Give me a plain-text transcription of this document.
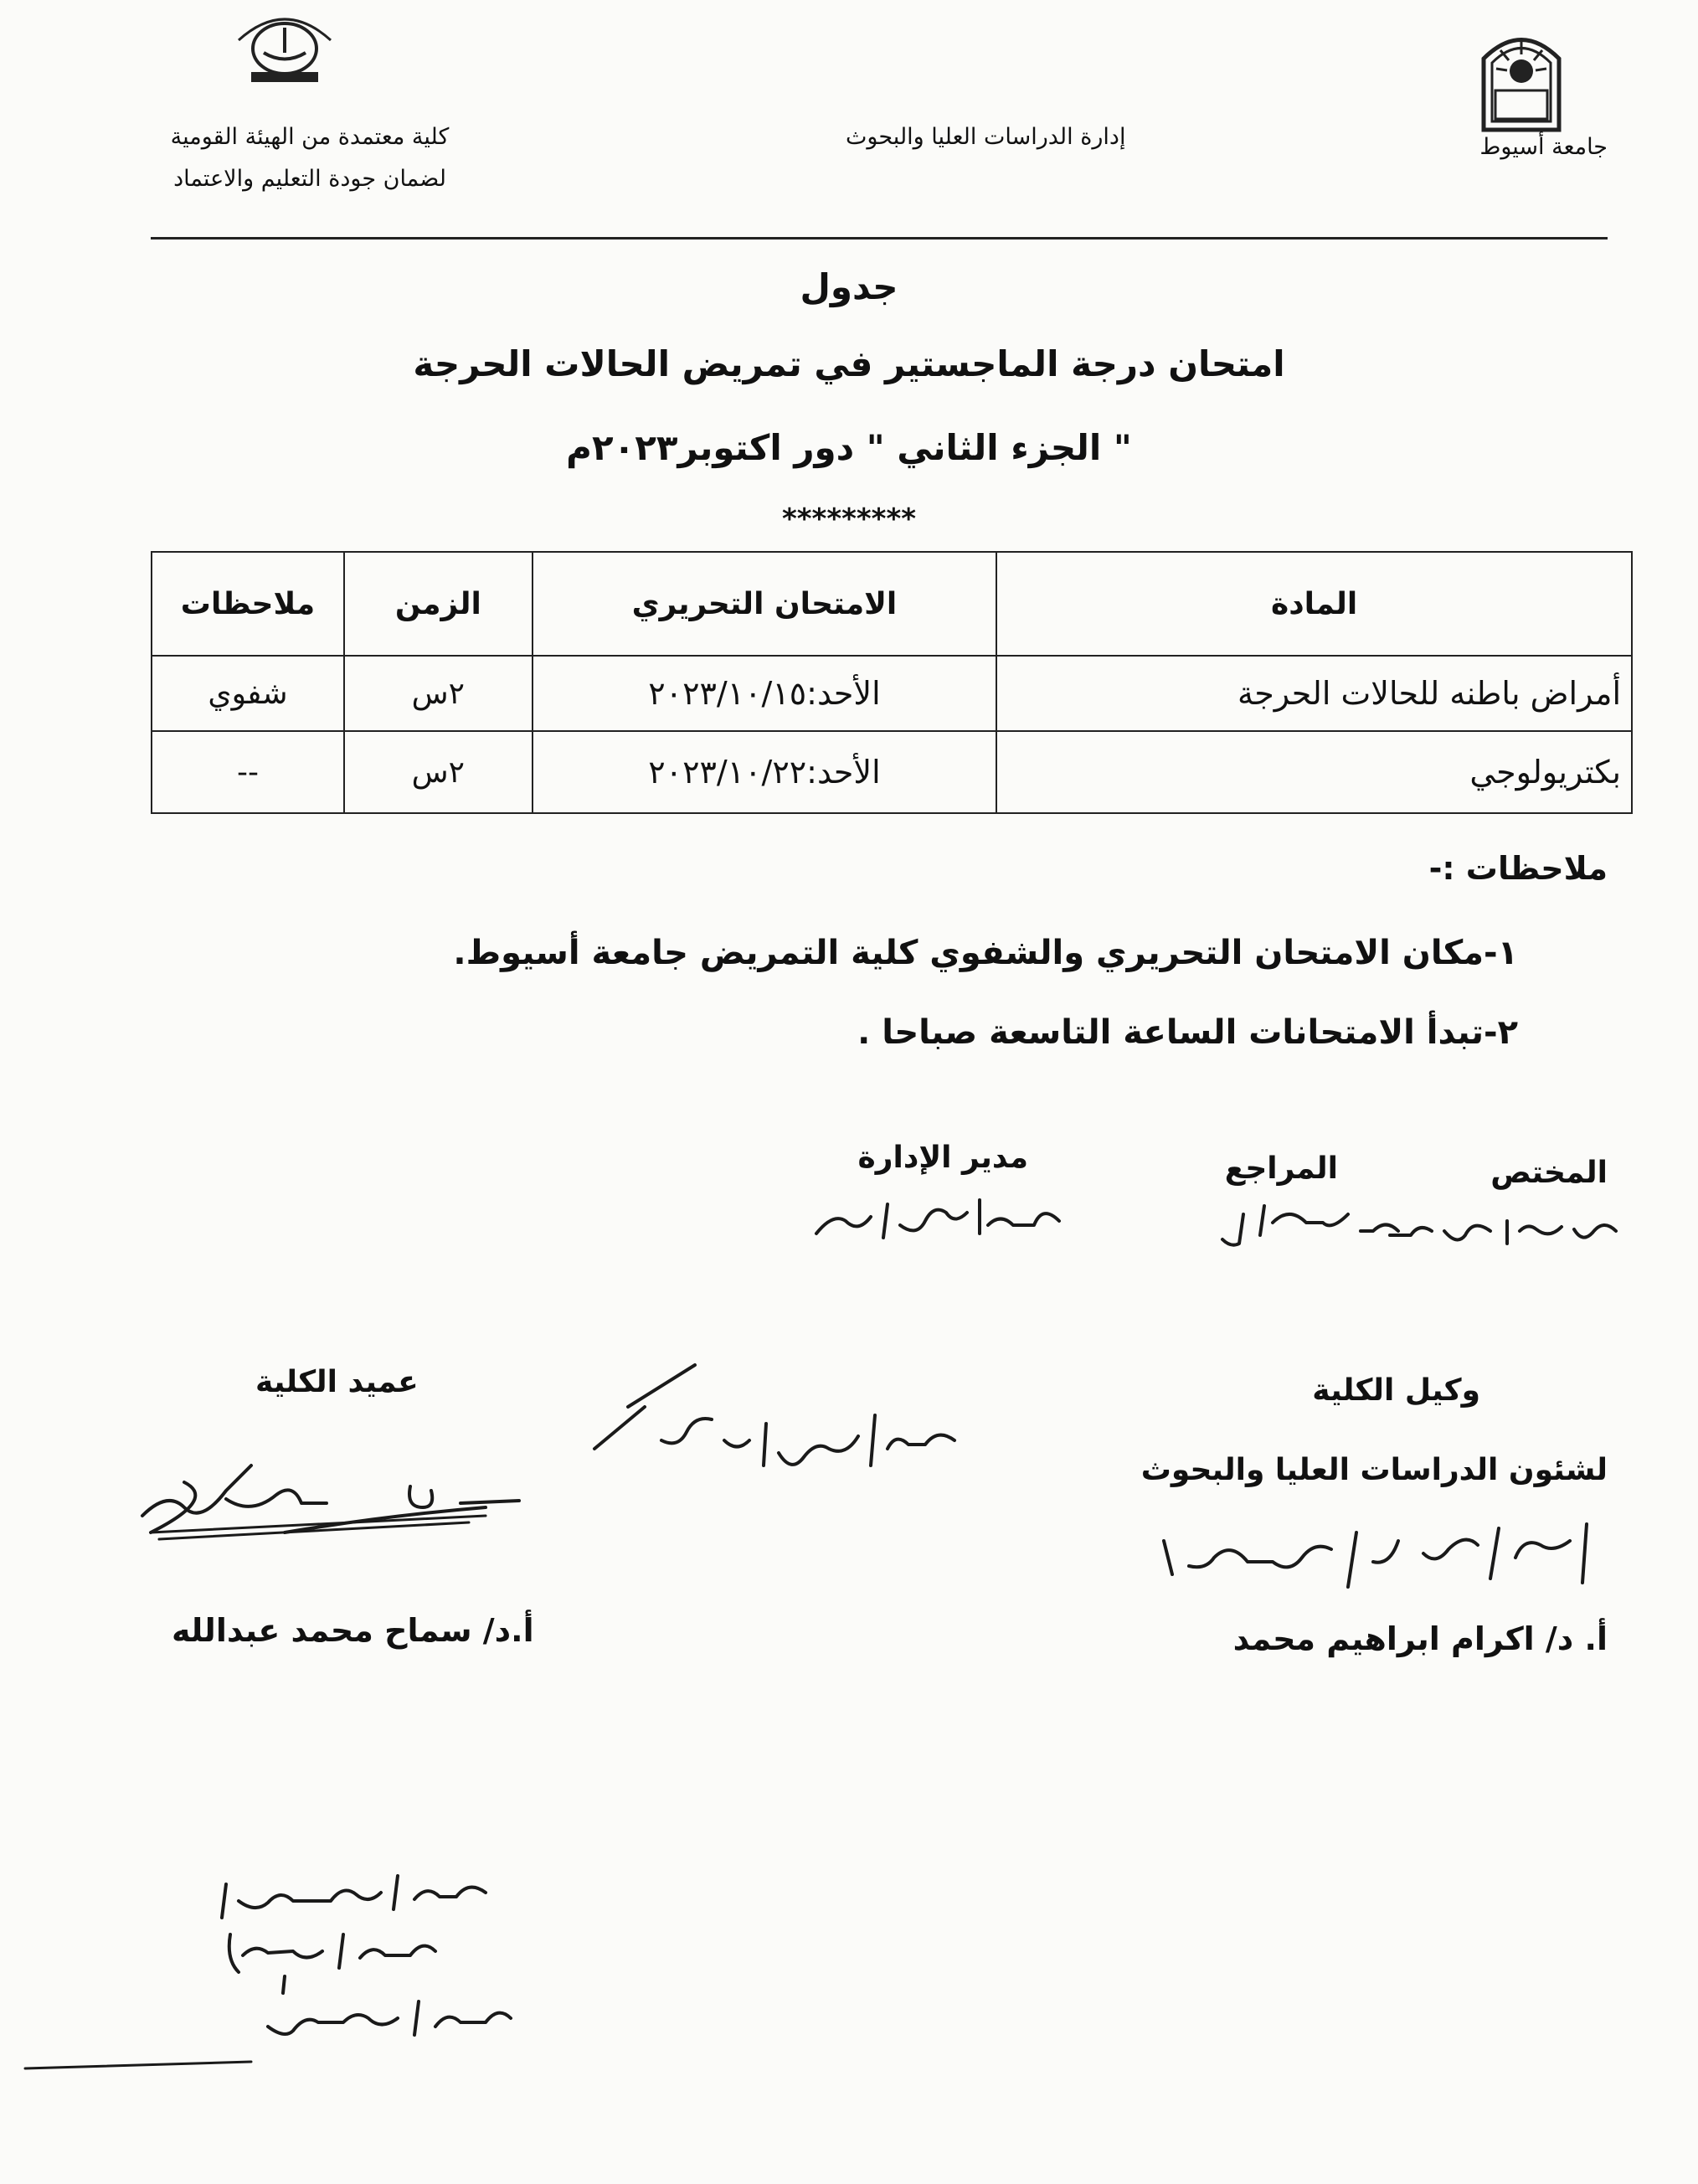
جامعة أسيوط
إدارة الدراسات العليا والبحوث
كلية معتمدة من الهيئة القومية
لضمان جودة التعليم والاعتماد
جدول
امتحان درجة الماجستير في تمريض الحالات الحرجة
" الجزء الثاني " دور اكتوبر٢٠٢٣م
*********
المادة	الامتحان التحريري	الزمن	ملاحظات
أمراض باطنه للحالات الحرجة	الأحد:٢٠٢٣/١٠/١٥	٢س	شفوي
بكتريولوجي	الأحد:٢٠٢٣/١٠/٢٢	٢س	--
ملاحظات :-
١-مكان الامتحان التحريري والشفوي كلية التمريض جامعة أسيوط.
٢-تبدأ الامتحانات الساعة التاسعة صباحا .
المختص
المراجع
مدير الإدارة
عميد الكلية	وكيل الكلية
لشئون الدراسات العليا والبحوث
أ.د/ سماح محمد عبدالله	أ. د/ اكرام ابراهيم محمد
